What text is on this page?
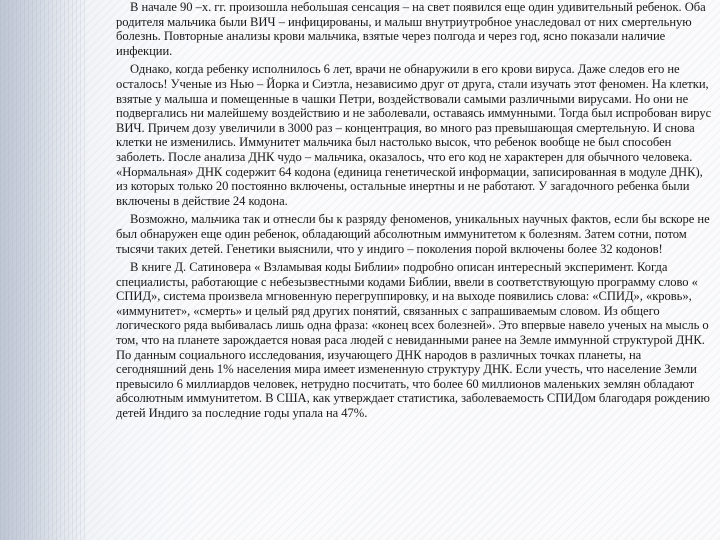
В начале 90 –х. гг. произошла небольшая сенсация – на свет появился еще один удивительный ребенок. Оба родителя мальчика были ВИЧ – инфицированы, и малыш внутриутробное унаследовал от них смертельную болезнь. Повторные анализы крови мальчика, взятые через полгода и через год, ясно показали наличие инфекции.

Однако, когда ребенку исполнилось 6 лет, врачи не обнаружили в его крови вируса. Даже следов его не осталось! Ученые из Нью – Йорка и Сиэтла, независимо друг от друга, стали изучать этот феномен. На клетки, взятые у малыша и помещенные в чашки Петри, воздействовали самыми различными вирусами. Но они не подвергались ни малейшему воздействию и не заболевали, оставаясь иммунными. Тогда был испробован вирус ВИЧ. Причем дозу увеличили в 3000 раз – концентрация, во много раз превышающая смертельную. И снова клетки не изменились. Иммунитет мальчика был настолько высок, что ребенок вообще не был способен заболеть. После анализа ДНК чудо – мальчика, оказалось, что его код не характерен для обычного человека. «Нормальная» ДНК содержит 64 кодона (единица генетической информации, записированная в модуле ДНК), из которых только 20 постоянно включены, остальные инертны и не работают. У загадочного ребенка были включены в действие 24 кодона.

Возможно, мальчика так и отнесли бы к разряду феноменов, уникальных научных фактов, если бы вскоре не был обнаружен еще один ребенок, обладающий абсолютным иммунитетом к болезням. Затем сотни, потом тысячи таких детей. Генетики выяснили, что у индиго – поколения порой включены более 32 кодонов!

В книге Д. Сатиновера « Взламывая коды Библии» подробно описан интересный эксперимент. Когда специалисты, работающие с небезызвестными кодами Библии, ввели в соответствующую программу слово « СПИД», система произвела мгновенную перегруппировку, и на выходе появились слова: «СПИД», «кровь», «иммунитет», «смерть» и целый ряд других понятий, связанных с запрашиваемым словом. Из общего логического ряда выбивалась лишь одна фраза: «конец всех болезней». Это впервые навело ученых на мысль о том, что на планете зарождается новая раса людей с невиданными ранее на Земле иммунной структурой ДНК. По данным социального исследования, изучающего ДНК народов в различных точках планеты, на сегодняшний день 1% населения мира имеет измененную структуру ДНК. Если учесть, что население Земли превысило 6 миллиардов человек, нетрудно посчитать, что более 60 миллионов маленьких землян обладают абсолютным иммунитетом. В США, как утверждает статистика, заболеваемость СПИДом благодаря рождению детей Индиго за последние годы упала на 47%.
